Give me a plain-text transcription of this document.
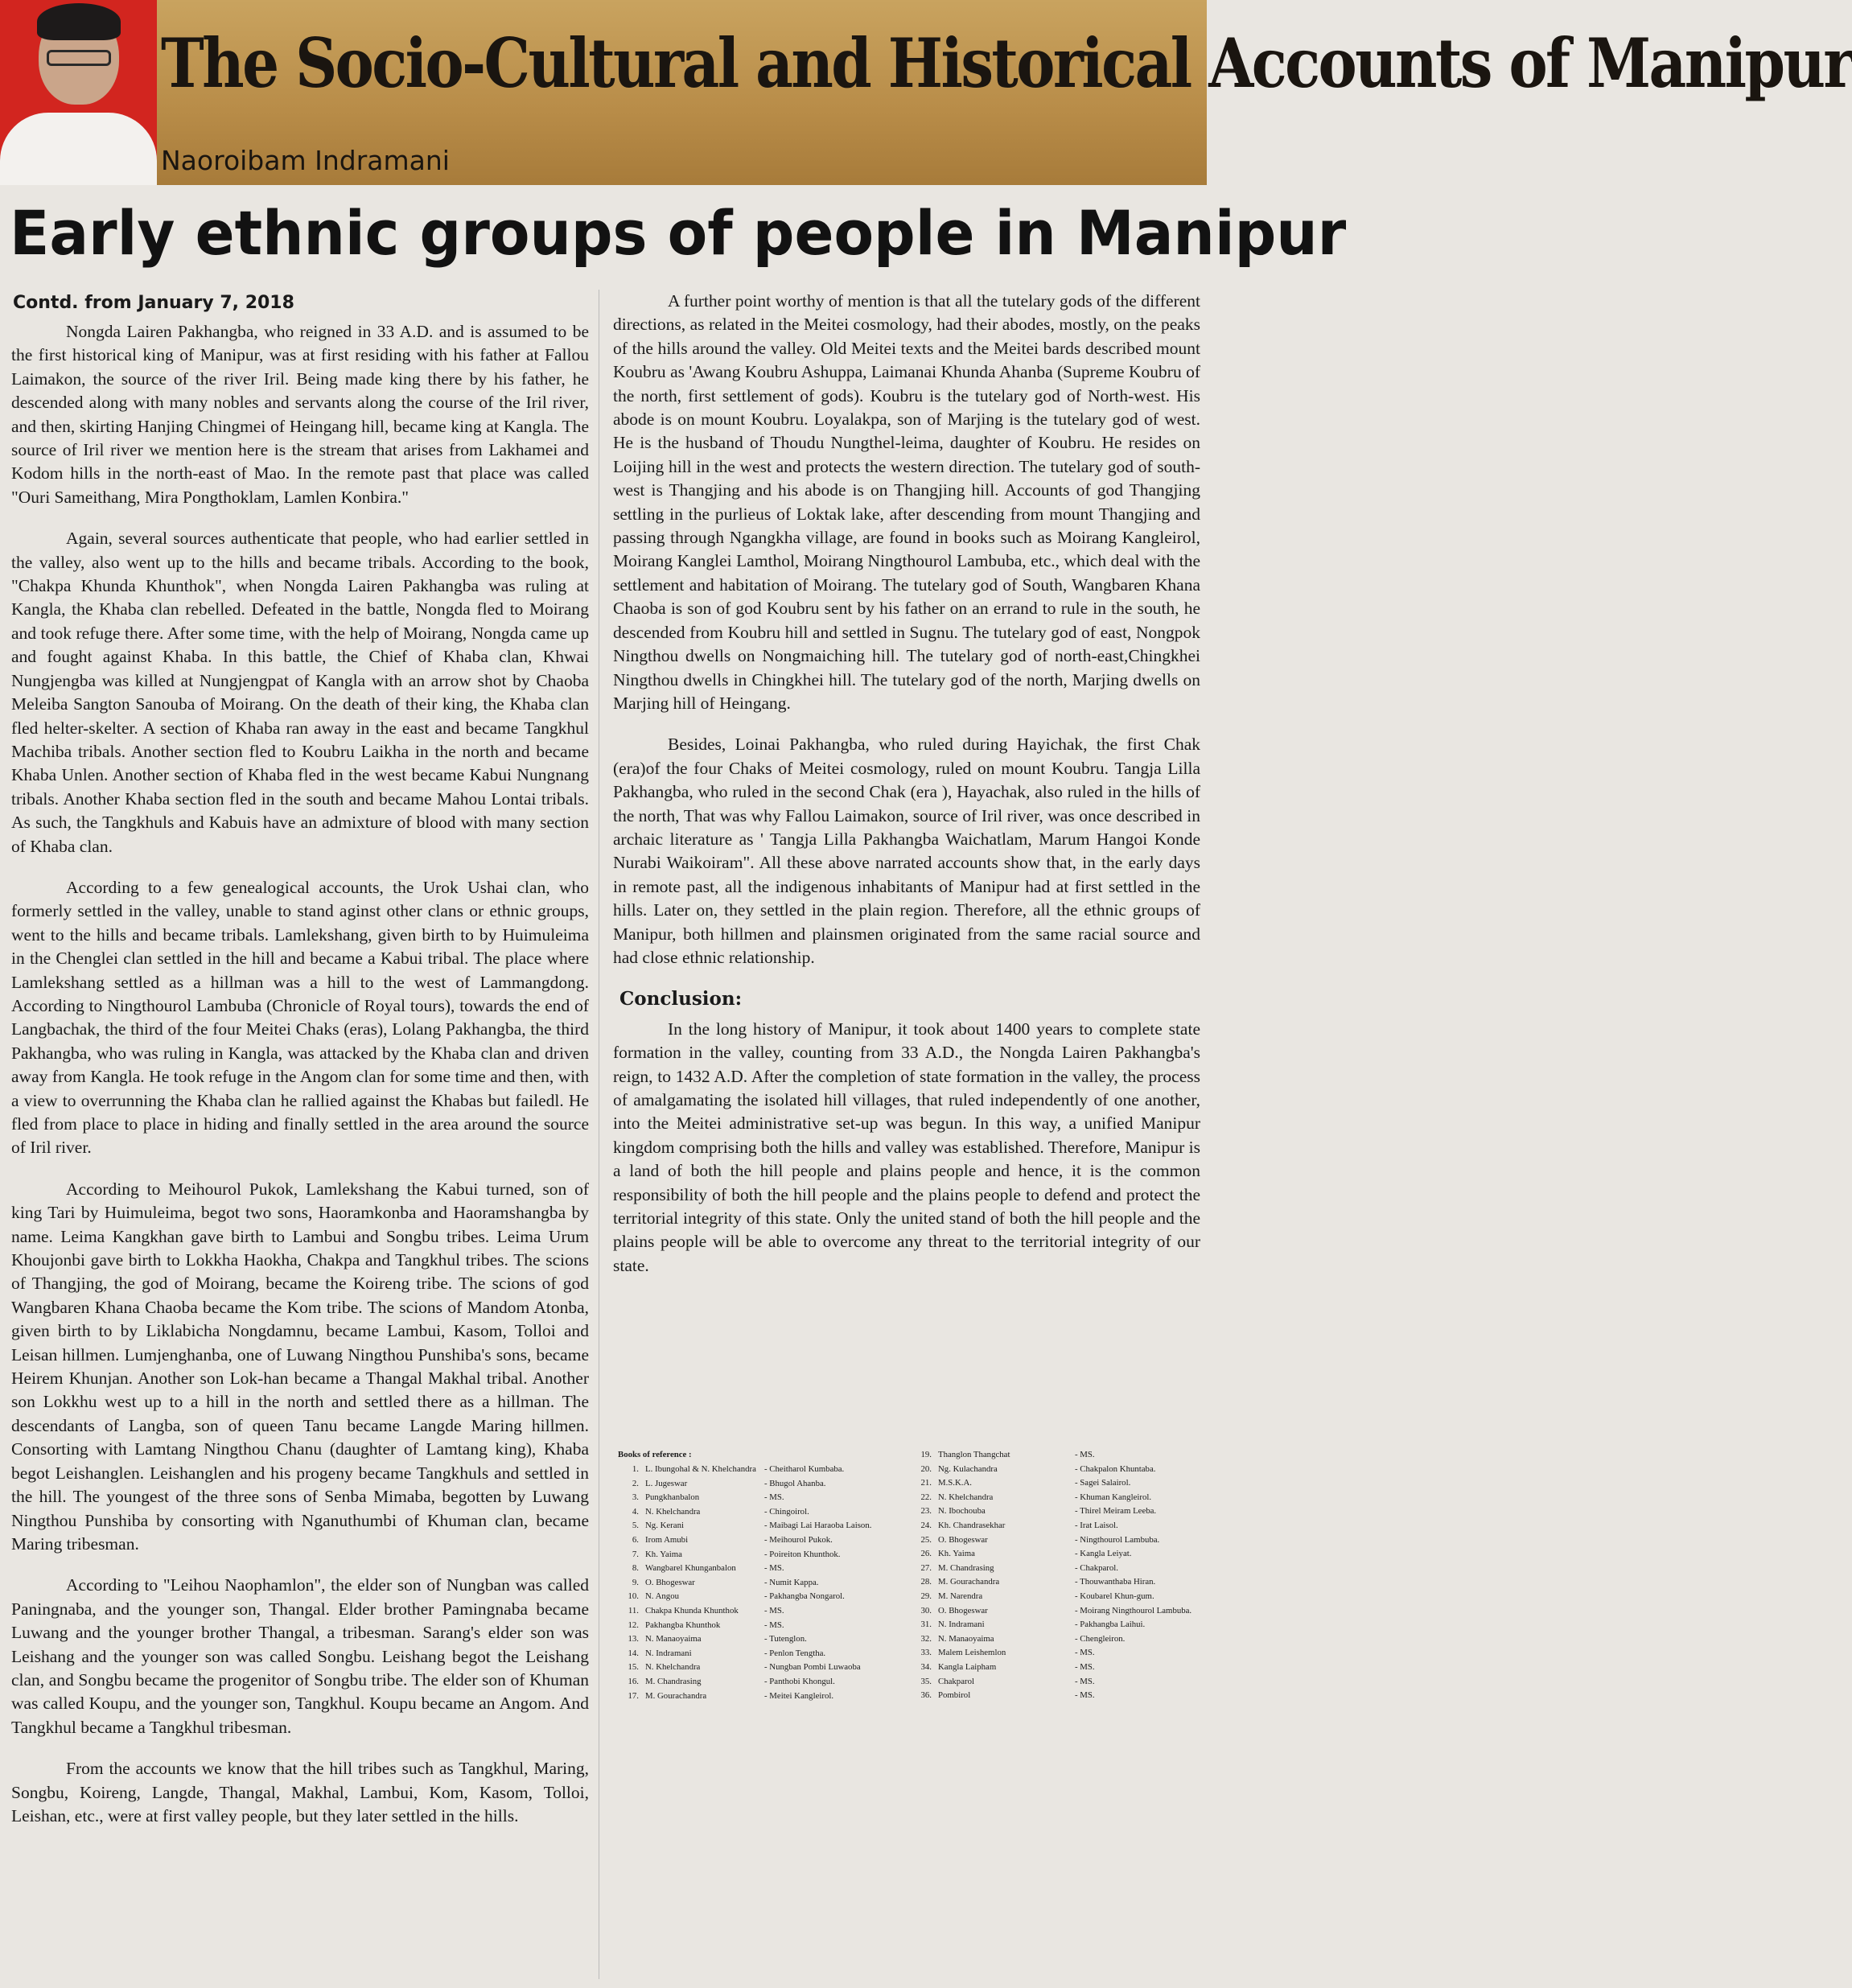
The Socio-Cultural and Historical Accounts of Manipur
Naoroibam Indramani
Early ethnic groups of people in Manipur
Contd. from January 7, 2018

Nongda Lairen Pakhangba, who reigned in 33 A.D. and is assumed to be the first historical king of Manipur, was at first residing with his father at Fallou Laimakon, the source of the river Iril. Being made king there by his father, he descended along with many nobles and servants along the course of the Iril river, and then, skirting Hanjing Chingmei of Heingang hill, became king at Kangla. The source of Iril river we mention here is the stream that arises from Lakhamei and Kodom hills in the north-east of Mao. In the remote past that place was called "Ouri Sameithang, Mira Pongthoklam, Lamlen Konbira."

Again, several sources authenticate that people, who had earlier settled in the valley, also went up to the hills and became tribals. According to the book, "Chakpa Khunda Khunthok", when Nongda Lairen Pakhangba was ruling at Kangla, the Khaba clan rebelled. Defeated in the battle, Nongda fled to Moirang and took refuge there. After some time, with the help of Moirang, Nongda came up and fought against Khaba. In this battle, the Chief of Khaba clan, Khwai Nungjengba was killed at Nungjengpat of Kangla with an arrow shot by Chaoba Meleiba Sangton Sanouba of Moirang. On the death of their king, the Khaba clan fled helter-skelter. A section of Khaba ran away in the east and became Tangkhul Machiba tribals. Another section fled to Koubru Laikha in the north and became Khaba Unlen. Another section of Khaba fled in the west became Kabui Nungnang tribals. Another Khaba section fled in the south and became Mahou Lontai tribals. As such, the Tangkhuls and Kabuis have an admixture of blood with many section of Khaba clan.

According to a few genealogical accounts, the Urok Ushai clan, who formerly settled in the valley, unable to stand aginst other clans or ethnic groups, went to the hills and became tribals. Lamlekshang, given birth to by Huimuleima in the Chenglei clan settled in the hill and became a Kabui tribal. The place where Lamlekshang settled as a hillman was a hill to the west of Lammangdong. According to Ningthourol Lambuba (Chronicle of Royal tours), towards the end of Langbachak, the third of the four Meitei Chaks (eras), Lolang Pakhangba, the third Pakhangba, who was ruling in Kangla, was attacked by the Khaba clan and driven away from Kangla. He took refuge in the Angom clan for some time and then, with a view to overrunning the Khaba clan he rallied against the Khabas but failedl. He fled from place to place in hiding and finally settled in the area around the source of Iril river.

According to Meihourol Pukok, Lamlekshang the Kabui turned, son of king Tari by Huimuleima, begot two sons, Haoramkonba and Haoramshangba by name. Leima Kangkhan gave birth to Lambui and Songbu tribes. Leima Urum Khoujonbi gave birth to Lokkha Haokha, Chakpa and Tangkhul tribes. The scions of Thangjing, the god of Moirang, became the Koireng tribe. The scions of god Wangbaren Khana Chaoba became the Kom tribe. The scions of Mandom Atonba, given birth to by Liklabicha Nongdamnu, became Lambui, Kasom, Tolloi and Leisan hillmen. Lumjenghanba, one of Luwang Ningthou Punshiba's sons, became Heirem Khunjan. Another son Lok-han became a Thangal Makhal tribal. Another son Lokkhu west up to a hill in the north and settled there as a hillman. The descendants of Langba, son of queen Tanu became Langde Maring hillmen. Consorting with Lamtang Ningthou Chanu (daughter of Lamtang king), Khaba begot Leishanglen. Leishanglen and his progeny became Tangkhuls and settled in the hill. The youngest of the three sons of Senba Mimaba, begotten by Luwang Ningthou Punshiba by consorting with Nganuthumbi of Khuman clan, became Maring tribesman.

According to "Leihou Naophamlon", the elder son of Nungban was called Paningnaba, and the younger son, Thangal. Elder brother Pamingnaba became Luwang and the younger brother Thangal, a tribesman. Sarang's elder son was Leishang and the younger son was called Songbu. Leishang begot the Leishang clan, and Songbu became the progenitor of Songbu tribe. The elder son of Khuman was called Koupu, and the younger son, Tangkhul. Koupu became an Angom. And Tangkhul became a Tangkhul tribesman.

From the accounts we know that the hill tribes such as Tangkhul, Maring, Songbu, Koireng, Langde, Thangal, Makhal, Lambui, Kom, Kasom, Tolloi, Leishan, etc., were at first valley people, but they later settled in the hills.

A further point worthy of mention is that all the tutelary gods of the different directions, as related in the Meitei cosmology, had their abodes, mostly, on the peaks of the hills around the valley. Old Meitei texts and the Meitei bards described mount Koubru as 'Awang Koubru Ashuppa, Laimanai Khunda Ahanba (Supreme Koubru of the north, first settlement of gods). Koubru is the tutelary god of North-west. His abode is on mount Koubru. Loyalakpa, son of Marjing is the tutelary god of west. He is the husband of Thoudu Nungthel-leima, daughter of Koubru. He resides on Loijing hill in the west and protects the western direction. The tutelary god of south-west is Thangjing and his abode is on Thangjing hill. Accounts of god Thangjing settling in the purlieus of Loktak lake, after descending from mount Thangjing and passing through Ngangkha village, are found in books such as Moirang Kangleirol, Moirang Kanglei Lamthol, Moirang Ningthourol Lambuba, etc., which deal with the settlement and habitation of Moirang. The tutelary god of South, Wangbaren Khana Chaoba is son of god Koubru sent by his father on an errand to rule in the south, he descended from Koubru hill and settled in Sugnu. The tutelary god of east, Nongpok Ningthou dwells on Nongmaiching hill. The tutelary god of north-east,Chingkhei Ningthou dwells in Chingkhei hill. The tutelary god of the north, Marjing dwells on Marjing hill of Heingang.

Besides, Loinai Pakhangba, who ruled during Hayichak, the first Chak (era)of the four Chaks of Meitei cosmology, ruled on mount Koubru. Tangja Lilla Pakhangba, who ruled in the second Chak (era ), Hayachak, also ruled in the hills of the north, That was why Fallou Laimakon, source of Iril river, was once described in archaic literature as ' Tangja Lilla Pakhangba Waichatlam, Marum Hangoi Konde Nurabi Waikoiram". All these above narrated accounts show that, in the early days in remote past, all the indigenous inhabitants of Manipur had at first settled in the hills. Later on, they settled in the plain region. Therefore, all the ethnic groups of Manipur, both hillmen and plainsmen originated from the same racial source and had close ethnic relationship.

Conclusion:

In the long history of Manipur, it took about 1400 years to complete state formation in the valley, counting from 33 A.D., the Nongda Lairen Pakhangba's reign, to 1432 A.D. After the completion of state formation in the valley, the process of amalgamating the isolated hill villages, that ruled independently of one another, into the Meitei administrative set-up was begun. In this way, a unified Manipur kingdom comprising both the hills and valley was established. Therefore, Manipur is a land of both the hill people and plains people and hence, it is the common responsibility of both the hill people and the plains people to defend and protect the territorial integrity of this state. Only the united stand of both the hill people and the plains people will be able to overcome any threat to the territorial integrity of our state.

Books of reference :
1. L. Ibungohal & N. Khelchandra	- Cheitharol Kumbaba.
2. L. Jugeswar	- Bhugol Ahanba.
3. Pungkhanbalon	- MS.
4. N. Khelchandra	- Chingoirol.
5. Ng. Kerani	- Maibagi Lai Haraoba Laison.
6. Irom Amubi	- Meihourol Pukok.
7. Kh. Yaima	- Poireiton Khunthok.
8. Wangbarel Khunganbalon	- MS.
9. O. Bhogeswar	- Numit Kappa.
10. N. Angou	- Pakhangba Nongarol.
11. Chakpa Khunda Khunthok	- MS.
12. Pakhangba Khunthok	- MS.
13. N. Manaoyaima	- Tutenglon.
14. N. Indramani	- Penlon Tengtha.
15. N. Khelchandra	- Nungban Pombi Luwaoba
16. M. Chandrasing	- Panthobi Khongul.
17. M. Gourachandra	- Meitei Kangleirol.
19. Thanglon Thangchat	- MS.
20. Ng. Kulachandra	- Chakpalon Khuntaba.
21. M.S.K.A.	- Sagei Salairol.
22. N. Khelchandra	- Khuman Kangleirol.
23. N. Ibochouba	- Thirel Meiram Leeba.
24. Kh. Chandrasekhar	- Irat Laisol.
25. O. Bhogeswar	- Ningthourol Lambuba.
26. Kh. Yaima	- Kangla Leiyat.
27. M. Chandrasing	- Chakparol.
28. M. Gourachandra	- Thouwanthaba Hiran.
29. M. Narendra	- Koubarel Khun-gum.
30. O. Bhogeswar	- Moirang Ningthourol Lambuba.
31. N. Indramani	- Pakhangba Laihui.
32. N. Manaoyaima	- Chengleiron.
33. Malem Leishemlon	- MS.
34. Kangla Laipham	- MS.
35. Chakparol	- MS.
36. Pombirol	- MS.
